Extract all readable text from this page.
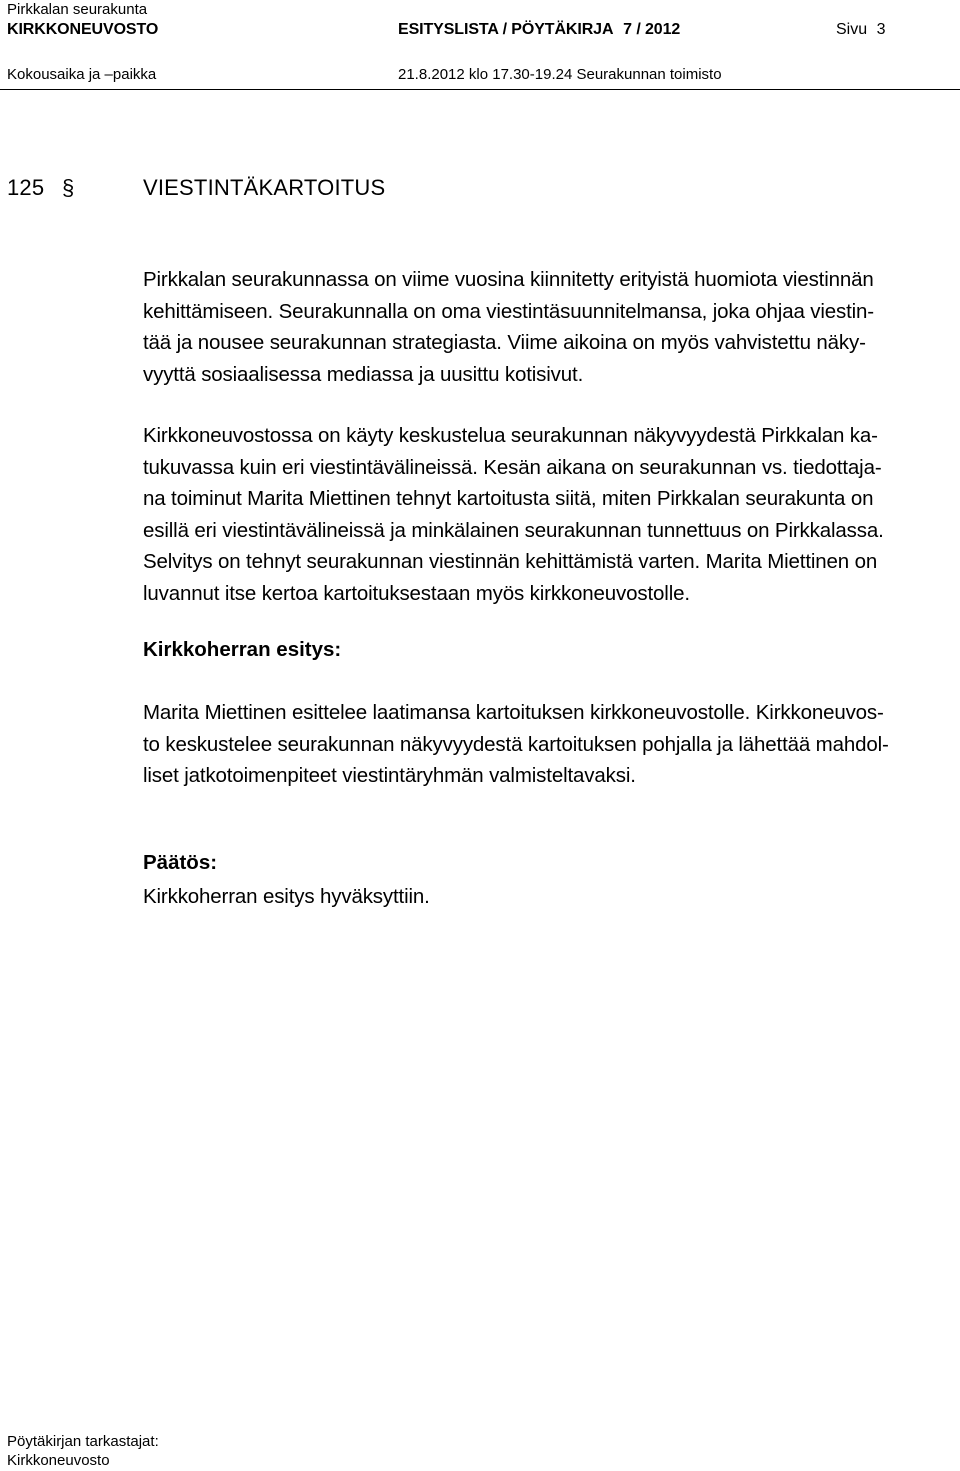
Pirkkalan seurakunta
KIRKKONEUVOSTO	ESITYSLISTA / PÖYTÄKIRJA 7 / 2012	Sivu 3
Kokousaika ja –paikka	21.8.2012 klo 17.30-19.24 Seurakunnan toimisto
125 §	VIESTINTÄKARTOITUS
Pirkkalan seurakunnassa on viime vuosina kiinnitetty erityistä huomiota viestinnän
kehittämiseen. Seurakunnalla on oma viestintäsuunnitelmansa, joka ohjaa viestin-
tää ja nousee seurakunnan strategiasta. Viime aikoina on myös vahvistettu näky-
vyyttä sosiaalisessa mediassa ja uusittu kotisivut.
Kirkkoneuvostossa on käyty keskustelua seurakunnan näkyvyydestä Pirkkalan ka-
tukuvassa kuin eri viestintävälineissä. Kesän aikana on seurakunnan vs. tiedottaja-
na toiminut Marita Miettinen tehnyt kartoitusta siitä, miten Pirkkalan seurakunta on
esillä eri viestintävälineissä ja minkälainen seurakunnan tunnettuus on Pirkkalassa.
Selvitys on tehnyt seurakunnan viestinnän kehittämistä varten. Marita Miettinen on
luvannut itse kertoa kartoituksestaan myös kirkkoneuvostolle.
Kirkkoherran esitys:
Marita Miettinen esittelee laatimansa kartoituksen kirkkoneuvostolle. Kirkkoneuvos-
to keskustelee seurakunnan näkyvyydestä kartoituksen pohjalla ja lähettää mahdol-
liset jatkotoimenpiteet viestintäryhmän valmisteltavaksi.
Päätös:
Kirkkoherran esitys hyväksyttiin.
Pöytäkirjan tarkastajat:
Kirkkoneuvosto
